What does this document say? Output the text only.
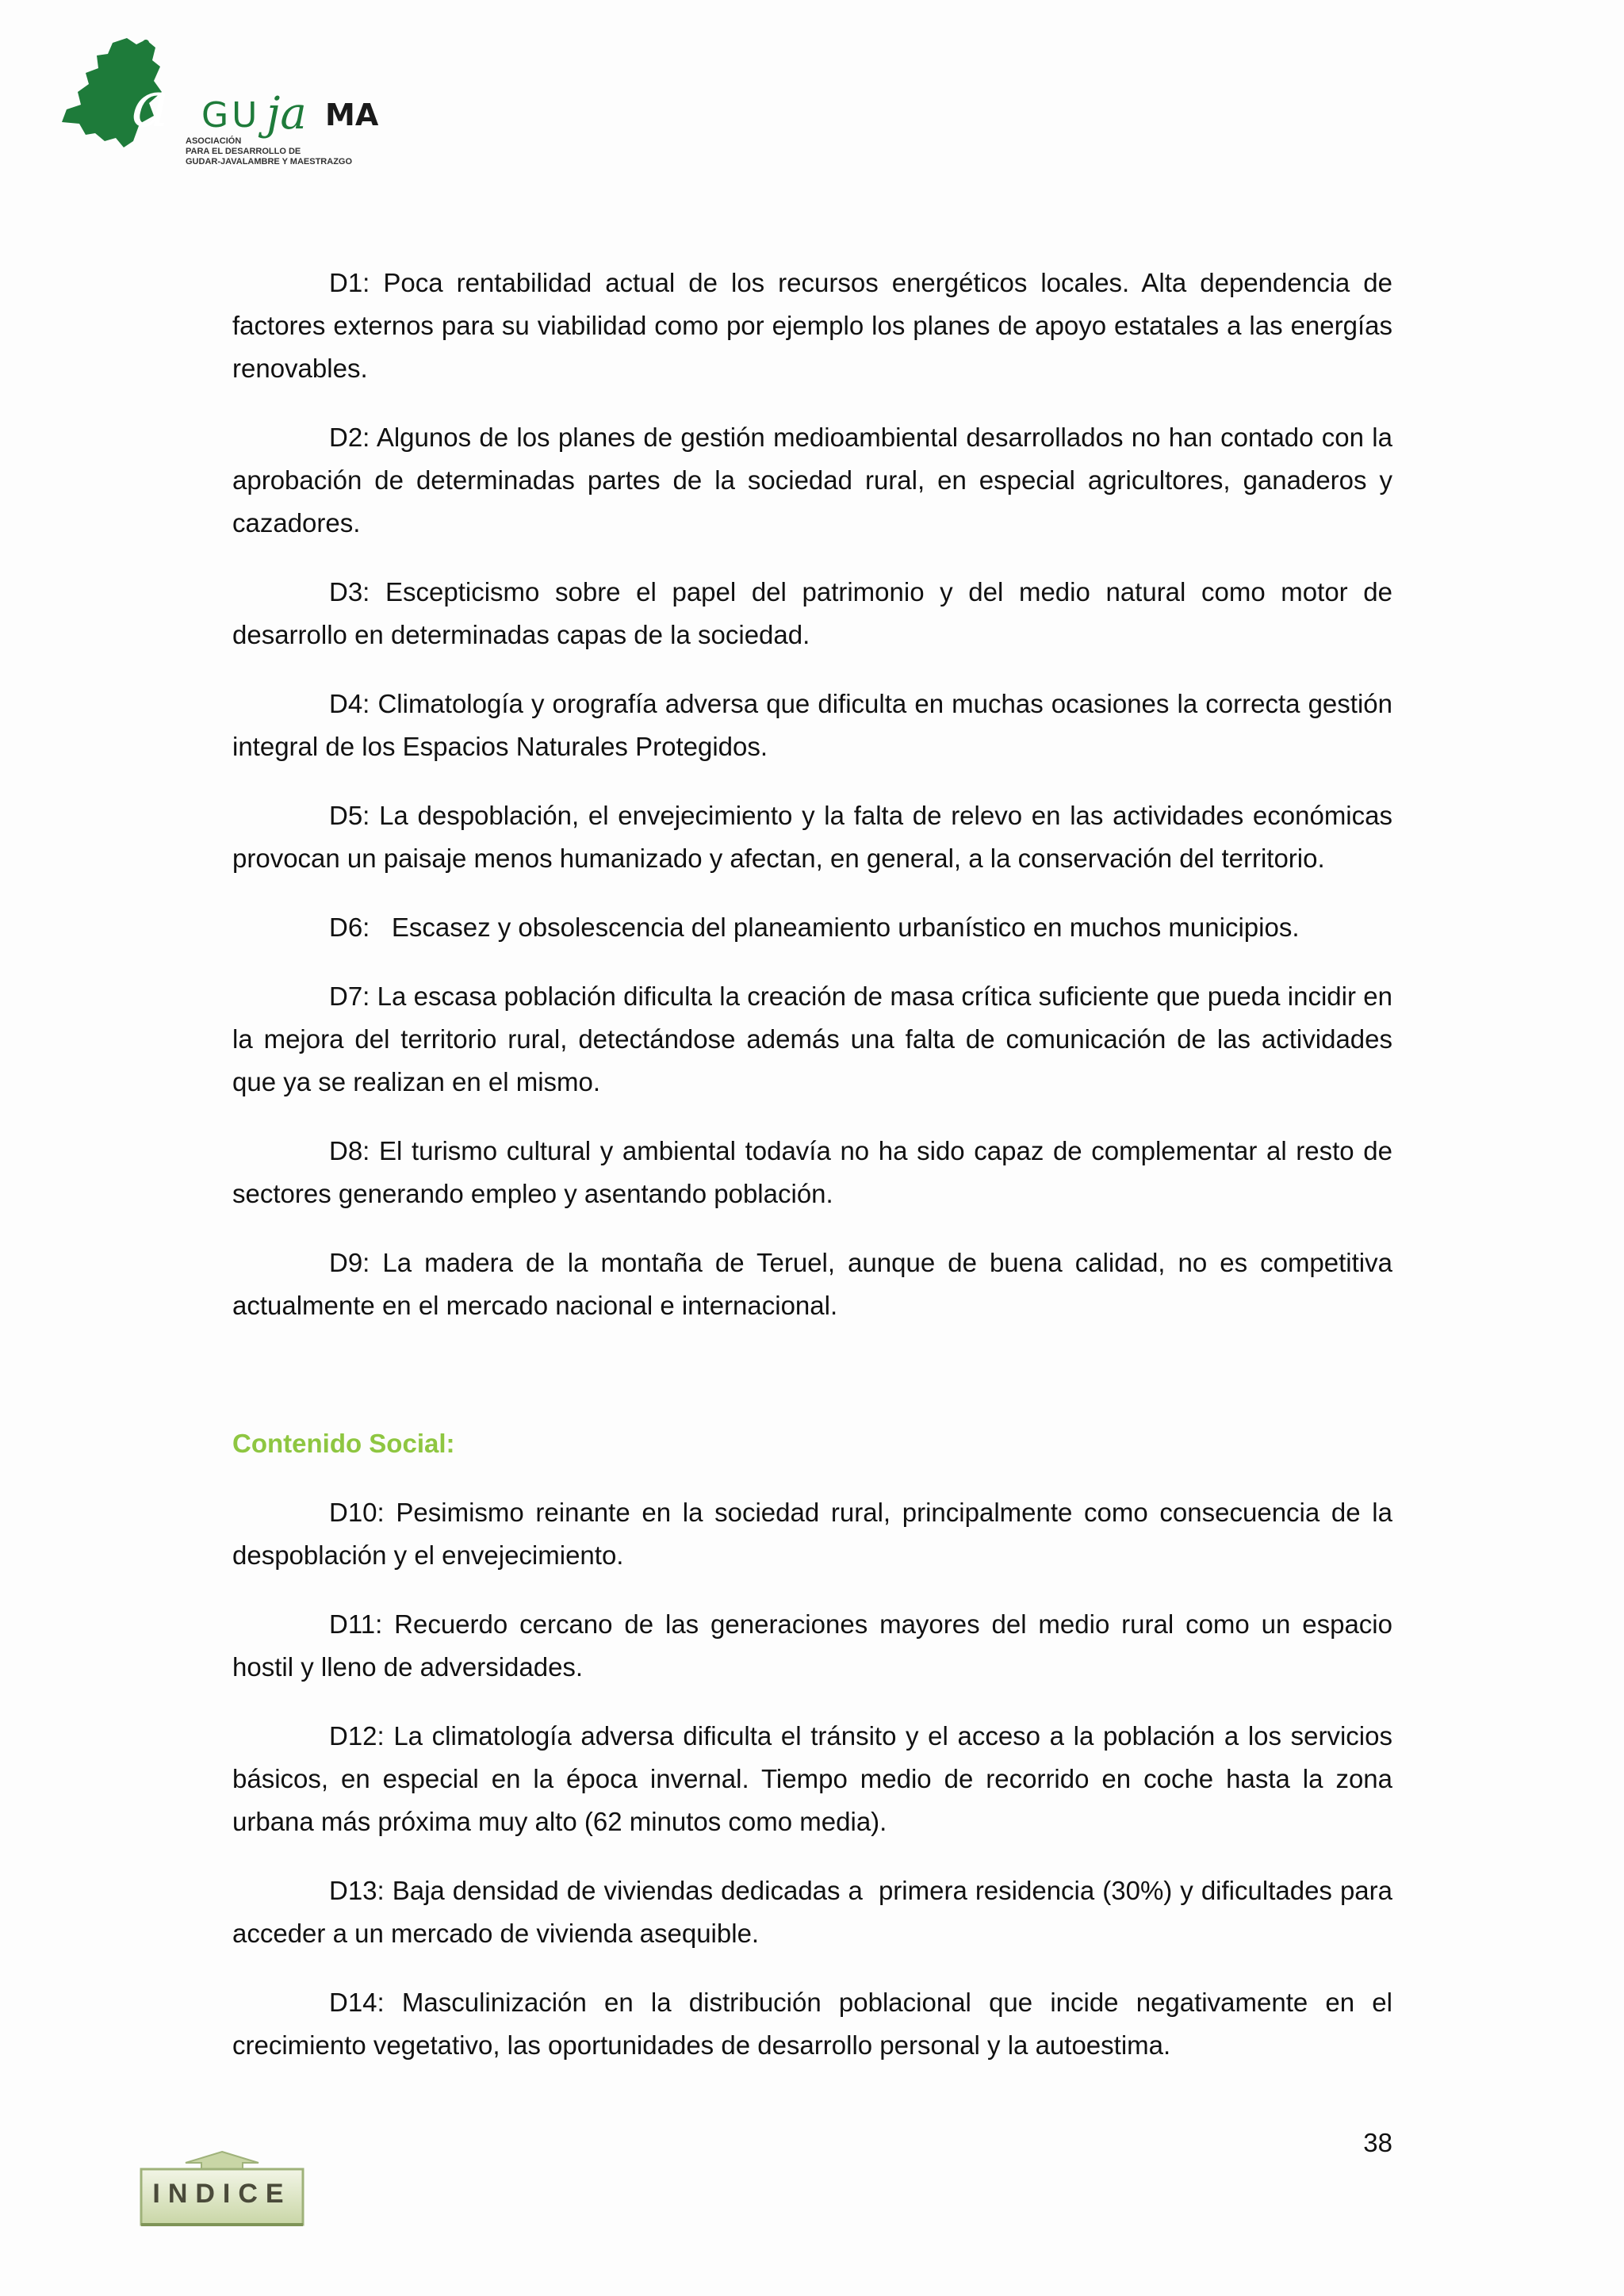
a GU ja MA
ASOCIACIÓN
PARA EL DESARROLLO DE
GUDAR-JAVALAMBRE Y MAESTRAZGO

D1: Poca rentabilidad actual de los recursos energéticos locales. Alta dependencia de factores externos para su viabilidad como por ejemplo los planes de apoyo estatales a las energías renovables.

D2: Algunos de los planes de gestión medioambiental desarrollados no han contado con la aprobación de determinadas partes de la sociedad rural, en especial agricultores, ganaderos y cazadores.

D3: Escepticismo sobre el papel del patrimonio y del medio natural como motor de desarrollo en determinadas capas de la sociedad.

D4: Climatología y orografía adversa que dificulta en muchas ocasiones la correcta gestión integral de los Espacios Naturales Protegidos.

D5: La despoblación, el envejecimiento y la falta de relevo en las actividades económicas provocan un paisaje menos humanizado y afectan, en general, a la conservación del territorio.

D6:   Escasez y obsolescencia del planeamiento urbanístico en muchos municipios.

D7: La escasa población dificulta la creación de masa crítica suficiente que pueda incidir en la mejora del territorio rural, detectándose además una falta de comunicación de las actividades que ya se realizan en el mismo.

D8: El turismo cultural y ambiental todavía no ha sido capaz de complementar al resto de sectores generando empleo y asentando población.

D9: La madera de la montaña de Teruel, aunque de buena calidad, no es competitiva actualmente en el mercado nacional e internacional.

Contenido Social:

D10: Pesimismo reinante en la sociedad rural, principalmente como consecuencia de la despoblación y el envejecimiento.

D11: Recuerdo cercano de las generaciones mayores del medio rural como un espacio hostil y lleno de adversidades.

D12: La climatología adversa dificulta el tránsito y el acceso a la población a los servicios básicos, en especial en la época invernal. Tiempo medio de recorrido en coche hasta la zona urbana más próxima muy alto (62 minutos como media).

D13: Baja densidad de viviendas dedicadas a  primera residencia (30%) y dificultades para acceder a un mercado de vivienda asequible.

D14: Masculinización en la distribución poblacional que incide negativamente en el crecimiento vegetativo, las oportunidades de desarrollo personal y la autoestima.

38
INDICE
